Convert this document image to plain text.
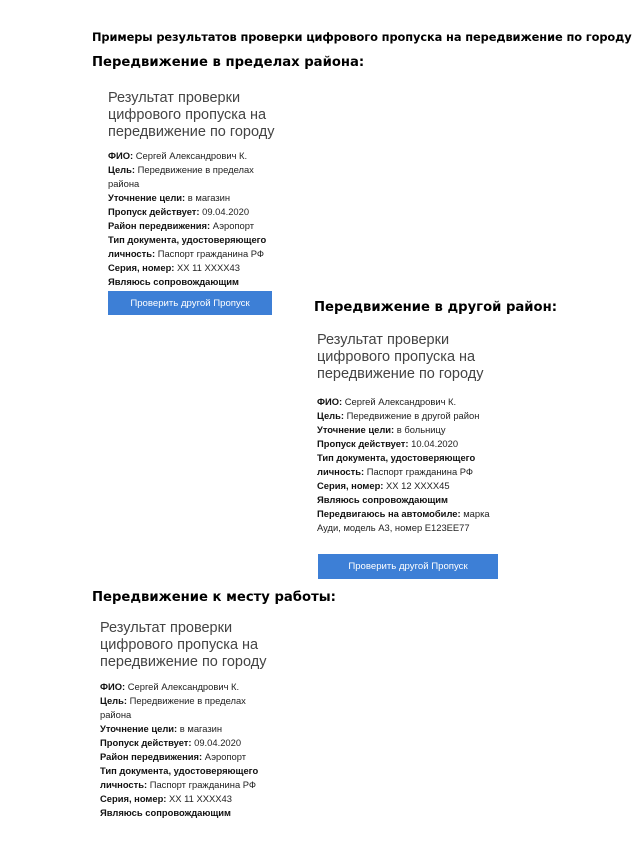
Примеры результатов проверки цифрового пропуска на передвижение по городу
Передвижение в пределах района:
Результат проверки цифрового пропуска на передвижение по городу
ФИО: Сергей Александрович К.
Цель: Передвижение в пределах
района
Уточнение цели: в магазин
Пропуск действует: 09.04.2020
Район передвижения: Аэропорт
Тип документа, удостоверяющего
личность: Паспорт гражданина РФ
Серия, номер: XX 11 XXXX43
Являюсь сопровождающим
Проверить другой Пропуск	Передвижение в другой район:
Результат проверки цифрового пропуска на передвижение по городу
ФИО: Сергей Александрович К.
Цель: Передвижение в другой район
Уточнение цели: в больницу
Пропуск действует: 10.04.2020
Тип документа, удостоверяющего
личность: Паспорт гражданина РФ
Серия, номер: XX 12 XXXX45
Являюсь сопровождающим
Передвигаюсь на автомобиле: марка
Ауди, модель А3, номер Е123ЕЕ77
Проверить другой Пропуск
Передвижение к месту работы:
Результат проверки цифрового пропуска на передвижение по городу
ФИО: Сергей Александрович К.
Цель: Передвижение в пределах
района
Уточнение цели: в магазин
Пропуск действует: 09.04.2020
Район передвижения: Аэропорт
Тип документа, удостоверяющего
личность: Паспорт гражданина РФ
Серия, номер: XX 11 XXXX43
Являюсь сопровождающим
